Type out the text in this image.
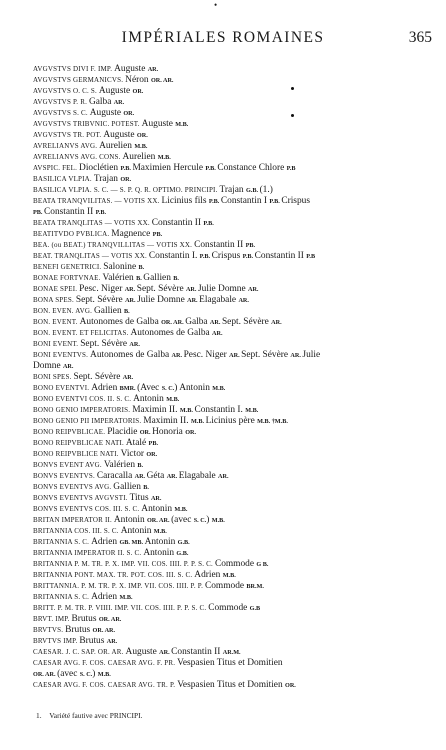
•
IMPÉRIALES ROMAINES	365
AVGVSTVS DIVI F. IMP. Auguste AR.
AVGVSTVS GERMANICVS. Néron OR. AR.
AVGVSTVS O. C. S. Auguste OR.
AVGVSTVS P. R. Galba AR.
AVGVSTVS S. C. Auguste OR.
AVGVSTVS TRIBVNIC. POTEST. Auguste M.B.
AVGVSTVS TR. POT. Auguste OR.
AVRELIANVS AVG. Aurelien M.B.
AVRELIANVS AVG. CONS. Aurelien M.B.
AVSPIC. FEL. Dioclétien P.B. Maximien Hercule P.B. Constance Chlore P.B
BASILICA VLPIA. Trajan OR.
BASILICA VLPIA. S. C. — S. P. Q. R. OPTIMO. PRINCIPI. Trajan G.B. (1.)
BEATA TRANQVILITAS. — VOTIS XX. Licinius fils P.B. Constantin I P.B. Crispus
PB. Constantin II P.B.
BEATA TRANQLITAS — VOTIS XX. Constantin II P.B.
BEATITVDO PVBLICA. Magnence PB.
BEA. (ou BEAT.) TRANQVILLITAS — VOTIS XX. Constantin II PB.
BEAT. TRANQLITAS — VOTIS XX. Constantin I. P.B. Crispus P.B. Constantin II P.B
BENEFI GENETRICI. Salonine B.
BONAE FORTVNAE. Valérien B. Gallien B.
BONAE SPEI. Pesc. Niger AR. Sept. Sévère AR. Julie Domne AR.
BONA SPES. Sept. Sévère AR. Julie Domne AR. Elagabale AR.
BON. EVEN. AVG. Gallien B.
BON. EVENT. Autonomes de Galba OR. AR. Galba AR. Sept. Sévère AR.
BON. EVENT. ET FELICITAS. Autonomes de Galba AR.
BONI EVENT. Sept. Sévère AR.
BONI EVENTVS. Autonomes de Galba AR. Pesc. Niger AR. Sept. Sévère AR. Julie
Domne AR.
BONI SPES. Sept. Sévère AR.
BONO EVENTVI. Adrien BMR. (Avec S. C.) Antonin M.B.
BONO EVENTVI COS. II. S. C. Antonin M.B.
BONO GENIO IMPERATORIS. Maximin II. M.B. Constantin I. M.B.
BONO GENIO PII IMPERATORIS. Maximin II. M.B. Licinius père M.B. †M.B.
BONO REIPVBLICAE. Placidie OR. Honoria OR.
BONO REIPVBLICAE NATI. Atalé PB.
BONO REIPVBLICE NATI. Victor OR.
BONVS EVENT AVG. Valérien B.
BONVS EVENTVS. Caracalla AR. Géta AR. Elagabale AR.
BONVS EVENTVS AVG. Gallien B.
BONVS EVENTVS AVGVSTI. Titus AR.
BONVS EVENTVS COS. III. S. C. Antonin M.B.
BRITAN IMPERATOR II. Antonin OR. AR. (avec S. C.) M.B.
BRITANNIA COS. III. S. C. Antonin M.B.
BRITANNIA S. C. Adrien GB. MB. Antonin G.B.
BRITANNIA IMPERATOR II. S. C. Antonin G.B.
BRITANNIA P. M. TR. P. X. IMP. VII. COS. IIII. P. P. S. C. Commode G B.
BRITANNIA PONT. MAX. TR. POT. COS. III. S. C. Adrien M.B.
BRITTANNIA. P. M. TR. P. X. IMP. VII. COS. IIII. P. P. Commode BR.M.
BRITANNIA S. C. Adrien M.B.
BRITT. P. M. TR. P. VIIII. IMP. VII. COS. IIII. P. P. S. C. Commode G.B
BRVT. IMP. Brutus OR. AR.
BRVTVS. Brutus OR. AR.
BRVTVS IMP. Brutus AR.
CAESAR. J. C. SAP. OR. AR. Auguste AR. Constantin II AR.M.
CAESAR AVG. F. COS. CAESAR AVG. F. PR. Vespasien Titus et Domitien
OR. AR. (avec S. C.) M.B.
CAESAR AVG. F. COS. CAESAR AVG. TR. P. Vespasien Titus et Domitien OR.
1. Variété fautive avec PRINCIPI.
